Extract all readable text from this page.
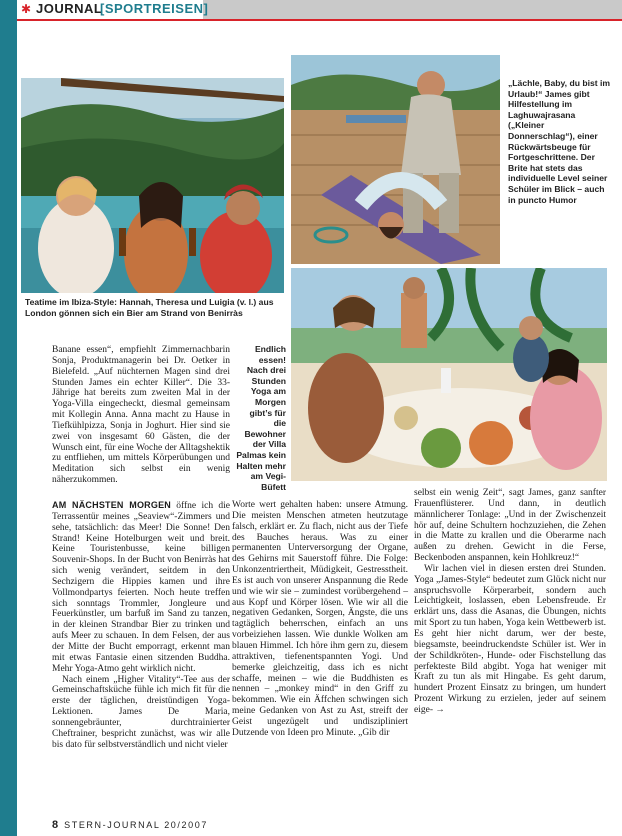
✱ JOURNAL
[SPORTREISEN]
Teatime im Ibiza-Style: Hannah, Theresa und Luigia (v. l.) aus London gönnen sich ein Bier am Strand von Benirràs
„Lächle, Baby, du bist im Urlaub!“ James gibt Hilfestellung im Laghuwajrasana („Kleiner Donnerschlag“), einer Rückwärtsbeuge für Fortgeschrittene. Der Brite hat stets das individuelle Level seiner Schüler im Blick – auch in puncto Humor
Endlich essen! Nach drei Stunden Yoga am Morgen gibt’s für die Bewohner der Villa Palmas kein Halten mehr am Vegi-Büfett

Banane essen“, empfiehlt Zimmernachbarin Sonja, Produktmanagerin bei Dr. Oetker in Bielefeld. „Auf nüchternen Magen sind drei Stunden James ein echter Killer“. Die 33-Jährige hat bereits zum zweiten Mal in der Yoga-Villa eingecheckt, diesmal gemeinsam mit Kollegin Anna. Anna macht zu Hause in Tiefkühlpizza, Sonja in Joghurt. Hier sind sie zwei von insgesamt 60 Gästen, die der Wunsch eint, für eine Woche der Alltagshektik zu entfliehen, um mittels Körperübungen und Meditation sich selbst ein wenig näherzukommen.

AM NÄCHSTEN MORGEN öffne ich die Terrassentür meines „Seaview“-Zimmers und sehe, tatsächlich: das Meer! Die Sonne! Den Strand! Keine Hotelburgen weit und breit. Keine Touristenbusse, keine billigen Souvenir-Shops. In der Bucht von Benirràs hat sich wenig verändert, seitdem in den Sechzigern die Hippies kamen und ihre Vollmondpartys feierten. Noch heute treffen sich sonntags Trommler, Jongleure und Feuerkünstler, um barfuß im Sand zu tanzen, in der kleinen Strandbar Bier zu trinken und aufs Meer zu schauen. In dem Felsen, der aus der Mitte der Bucht emporragt, erkennt man mit etwas Fantasie einen sitzenden Buddha. Mehr Yoga-Atmo geht wirklich nicht.

Nach einem „Higher Vitality“-Tee aus der Gemeinschaftsküche fühle ich mich fit für die erste der täglichen, dreistündigen Yoga-Lektionen. James De Maria, sonnengebräunter, durchtrainierter Cheftrainer, bespricht zunächst, was wir alle bis dato für selbstverständlich und nicht vieler

Worte wert gehalten haben: unsere Atmung. Die meisten Menschen atmeten heutzutage falsch, erklärt er. Zu flach, nicht aus der Tiefe des Bauches heraus. Was zu einer permanenten Unterversorgung der Organe, des Gehirns mit Sauerstoff führe. Die Folge: Unkonzentriertheit, Müdigkeit, Gestresstheit. Es ist auch von unserer Anspannung die Rede und wie wir sie – zumindest vorübergehend – aus Kopf und Körper lösen. Wie wir all die negativen Gedanken, Sorgen, Ängste, die uns tagtäglich beherrschen, einfach an uns vorbeiziehen lassen. Wie dunkle Wolken am blauen Himmel. Ich höre ihm gern zu, diesem attraktiven, tiefenentspannten Yogi. Und bemerke gleichzeitig, dass ich es nicht schaffe, meinen – wie die Buddhisten es nennen – „monkey mind“ in den Griff zu bekommen. Wie ein Äffchen schwingen sich meine Gedanken von Ast zu Ast, streift der Geist ungezügelt und undiszipliniert Dutzende von Ideen pro Minute. „Gib dir

selbst ein wenig Zeit“, sagt James, ganz sanfter Frauenflüsterer. Und dann, in deutlich männlicherer Tonlage: „Und in der Zwischenzeit hör auf, deine Schultern hochzuziehen, die Zehen in die Matte zu krallen und die Oberarme nach außen zu drehen. Gewicht in die Ferse, Beckenboden anspannen, kein Hohlkreuz!“

Wir lachen viel in diesen ersten drei Stunden. Yoga „James-Style“ bedeutet zum Glück nicht nur anspruchsvolle Körperarbeit, sondern auch Leichtigkeit, loslassen, eben Lebensfreude. Er erklärt uns, dass die Asanas, die Übungen, nichts mit Sport zu tun haben, Yoga kein Wettbewerb ist. Es geht hier nicht darum, wer der beste, biegsamste, beeindruckendste Schüler ist. Wer in der Schildkröten-, Hunde- oder Fischstellung das perfekteste Bild abgibt. Yoga hat weniger mit Kraft zu tun als mit Hingabe. Es geht darum, hundert Prozent Einsatz zu bringen, um hundert Prozent Wirkung zu erzielen, jeder auf seinem eige- →

8 STERN-JOURNAL 20/2007
